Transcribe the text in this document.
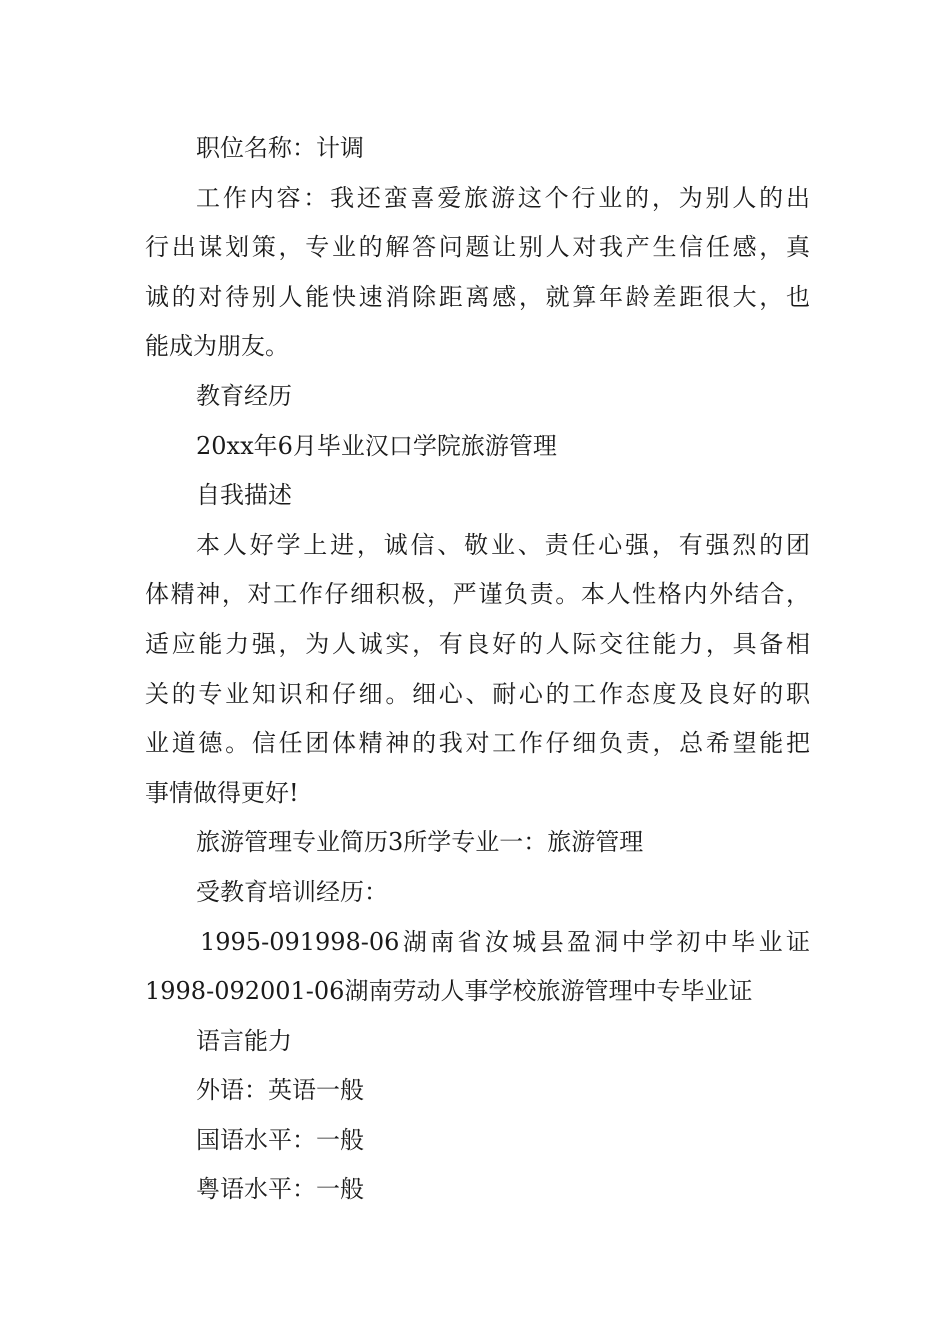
职位名称：计调
工作内容：我还蛮喜爱旅游这个行业的，为别人的出
行出谋划策，专业的解答问题让别人对我产生信任感，真
诚的对待别人能快速消除距离感，就算年龄差距很大，也
能成为朋友。
教育经历
20xx年6月毕业汉口学院旅游管理
自我描述
本人好学上进，诚信、敬业、责任心强，有强烈的团
体精神，对工作仔细积极，严谨负责。本人性格内外结合，
适应能力强，为人诚实，有良好的人际交往能力，具备相
关的专业知识和仔细。细心、耐心的工作态度及良好的职
业道德。信任团体精神的我对工作仔细负责，总希望能把
事情做得更好!
旅游管理专业简历3所学专业一：旅游管理
受教育培训经历：
1995-091998-06湖南省汝城县盈洞中学初中毕业证
1998-092001-06湖南劳动人事学校旅游管理中专毕业证
语言能力
外语：英语一般
国语水平：一般
粤语水平：一般
